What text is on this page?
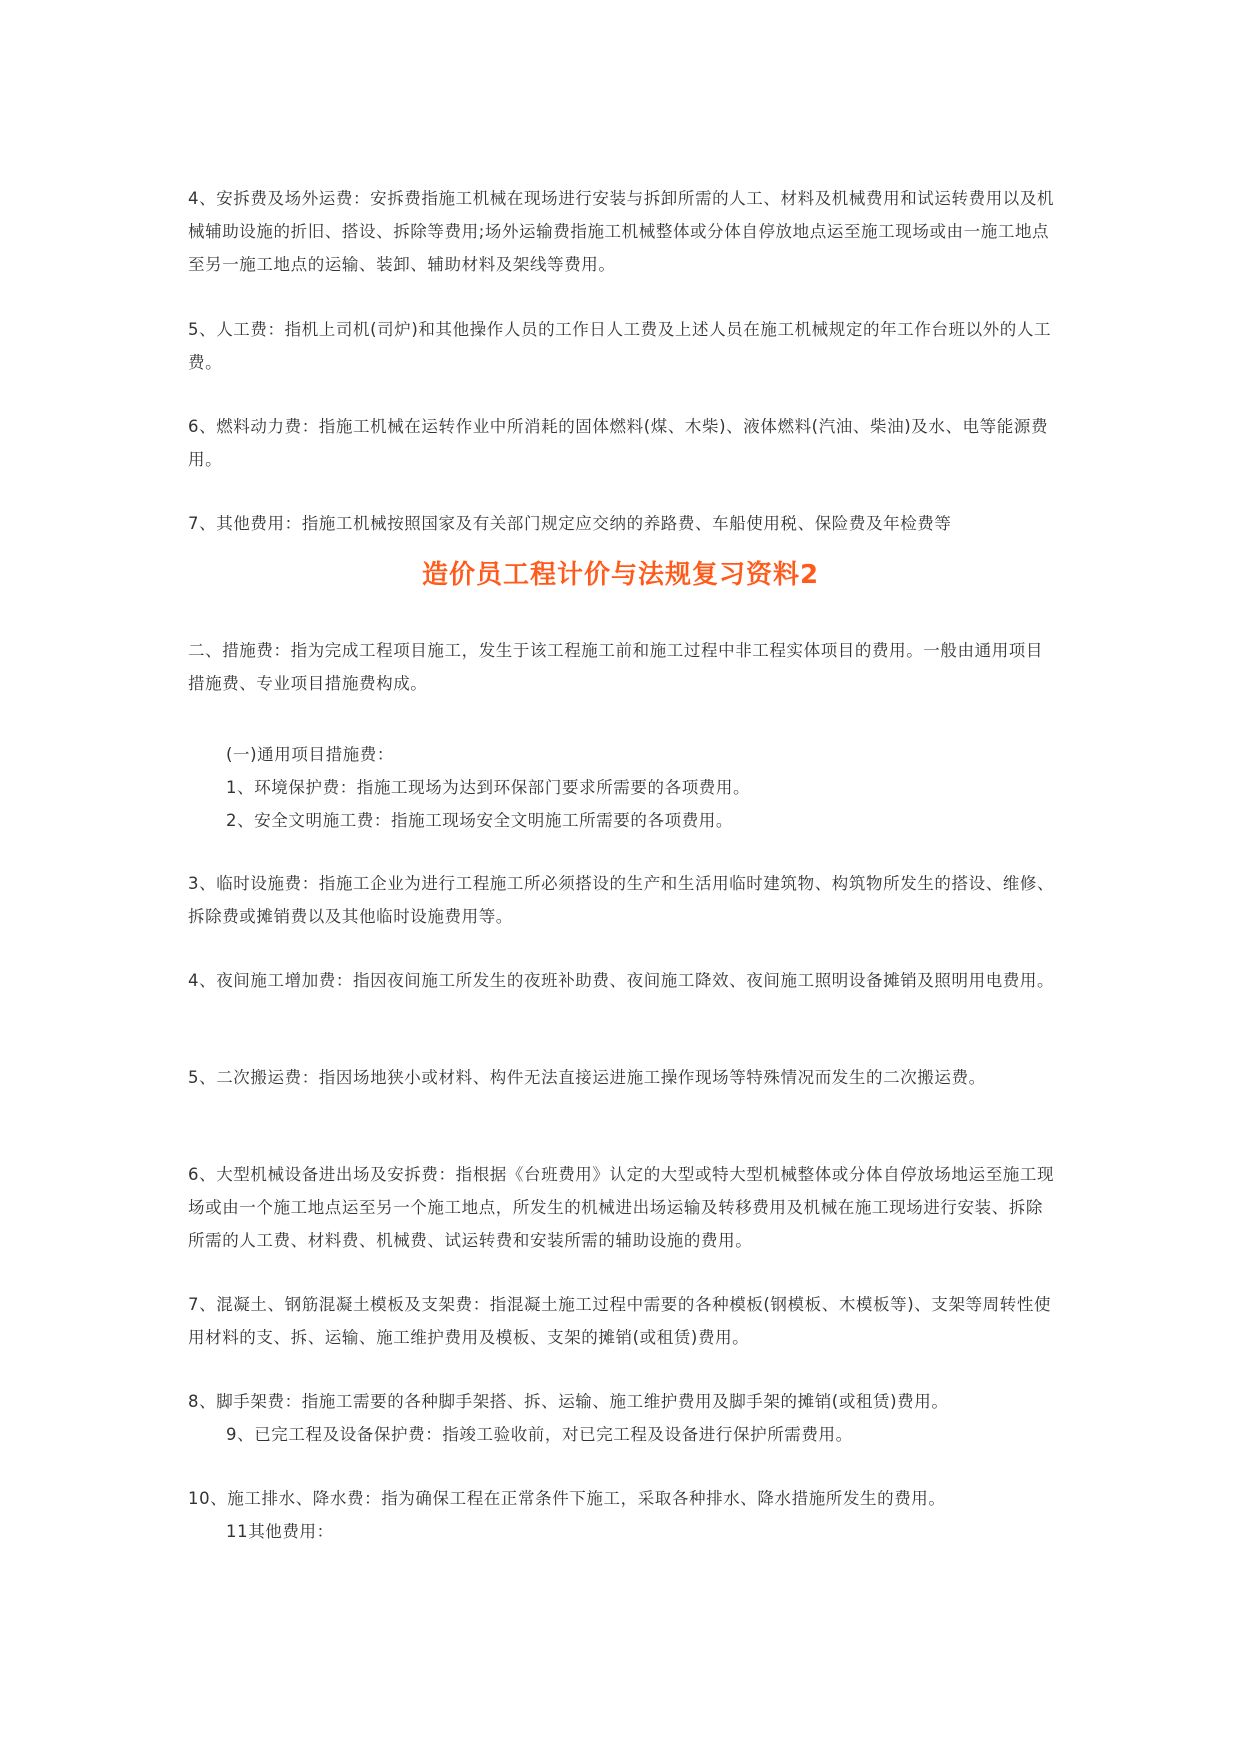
4、安拆费及场外运费：安拆费指施工机械在现场进行安装与拆卸所需的人工、材料及机械费用和试运转费用以及机械辅助设施的折旧、搭设、拆除等费用;场外运输费指施工机械整体或分体自停放地点运至施工现场或由一施工地点至另一施工地点的运输、装卸、辅助材料及架线等费用。

5、人工费：指机上司机(司炉)和其他操作人员的工作日人工费及上述人员在施工机械规定的年工作台班以外的人工费。

6、燃料动力费：指施工机械在运转作业中所消耗的固体燃料(煤、木柴)、液体燃料(汽油、柴油)及水、电等能源费用。

7、其他费用：指施工机械按照国家及有关部门规定应交纳的养路费、车船使用税、保险费及年检费等

造价员工程计价与法规复习资料2

二、措施费：指为完成工程项目施工，发生于该工程施工前和施工过程中非工程实体项目的费用。一般由通用项目措施费、专业项目措施费构成。

(一)通用项目措施费：

1、环境保护费：指施工现场为达到环保部门要求所需要的各项费用。

2、安全文明施工费：指施工现场安全文明施工所需要的各项费用。

3、临时设施费：指施工企业为进行工程施工所必须搭设的生产和生活用临时建筑物、构筑物所发生的搭设、维修、拆除费或摊销费以及其他临时设施费用等。

4、夜间施工增加费：指因夜间施工所发生的夜班补助费、夜间施工降效、夜间施工照明设备摊销及照明用电费用。

5、二次搬运费：指因场地狭小或材料、构件无法直接运进施工操作现场等特殊情况而发生的二次搬运费。

6、大型机械设备进出场及安拆费：指根据《台班费用》认定的大型或特大型机械整体或分体自停放场地运至施工现场或由一个施工地点运至另一个施工地点，所发生的机械进出场运输及转移费用及机械在施工现场进行安装、拆除所需的人工费、材料费、机械费、试运转费和安装所需的辅助设施的费用。

7、混凝土、钢筋混凝土模板及支架费：指混凝土施工过程中需要的各种模板(钢模板、木模板等)、支架等周转性使用材料的支、拆、运输、施工维护费用及模板、支架的摊销(或租赁)费用。

8、脚手架费：指施工需要的各种脚手架搭、拆、运输、施工维护费用及脚手架的摊销(或租赁)费用。

9、已完工程及设备保护费：指竣工验收前，对已完工程及设备进行保护所需费用。

10、施工排水、降水费：指为确保工程在正常条件下施工，采取各种排水、降水措施所发生的费用。

11其他费用：
